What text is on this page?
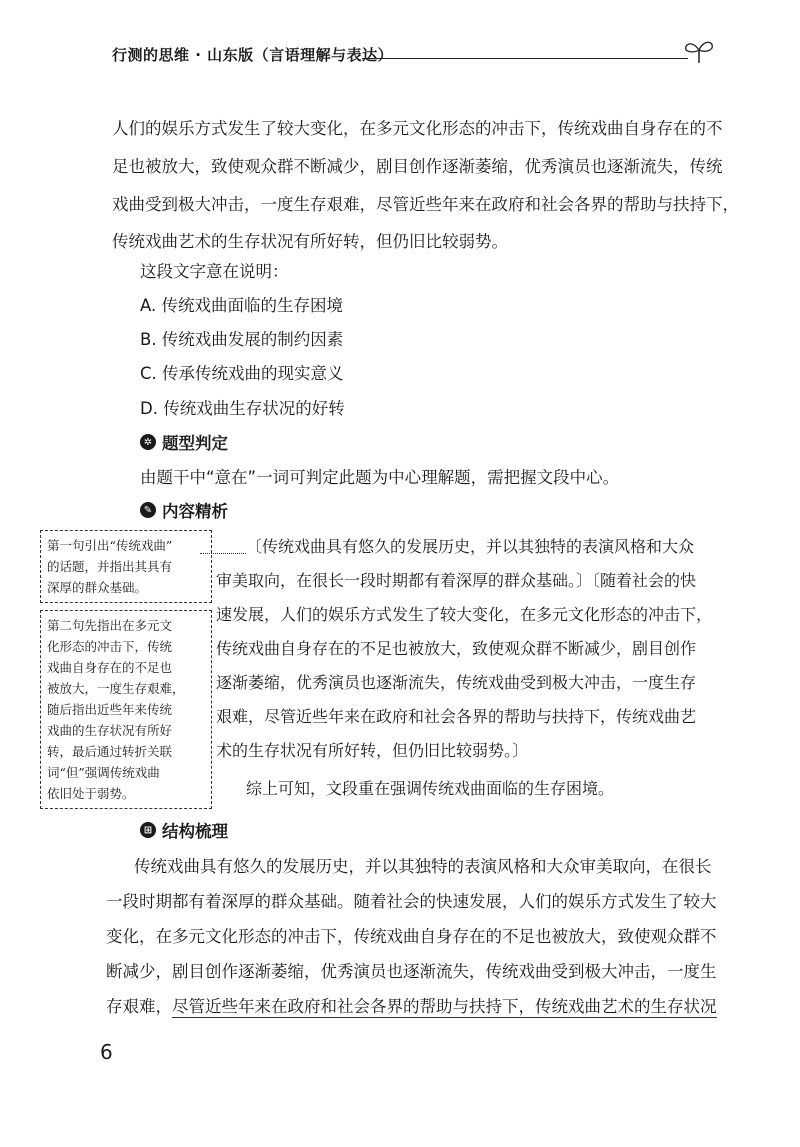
行测的思维 · 山东版（言语理解与表达）
人们的娱乐方式发生了较大变化，在多元文化形态的冲击下，传统戏曲自身存在的不
足也被放大，致使观众群不断减少，剧目创作逐渐萎缩，优秀演员也逐渐流失，传统
戏曲受到极大冲击，一度生存艰难，尽管近些年来在政府和社会各界的帮助与扶持下，
传统戏曲艺术的生存状况有所好转，但仍旧比较弱势。
这段文字意在说明：
A. 传统戏曲面临的生存困境
B. 传统戏曲发展的制约因素
C. 传承传统戏曲的现实意义
D. 传统戏曲生存状况的好转
✲ 题型判定
由题干中“意在”一词可判定此题为中心理解题，需把握文段中心。
✎ 内容精析
第一句引出“传统戏曲”
的话题，并指出其具有
深厚的群众基础。
第二句先指出在多元文
化形态的冲击下，传统
戏曲自身存在的不足也
被放大，一度生存艰难，
随后指出近些年来传统
戏曲的生存状况有所好
转，最后通过转折关联
词“但”强调传统戏曲
依旧处于弱势。
〔传统戏曲具有悠久的发展历史，并以其独特的表演风格和大众
审美取向，在很长一段时期都有着深厚的群众基础。〕〔随着社会的快
速发展，人们的娱乐方式发生了较大变化，在多元文化形态的冲击下，
传统戏曲自身存在的不足也被放大，致使观众群不断减少，剧目创作
逐渐萎缩，优秀演员也逐渐流失，传统戏曲受到极大冲击，一度生存
艰难，尽管近些年来在政府和社会各界的帮助与扶持下，传统戏曲艺
术的生存状况有所好转，但仍旧比较弱势。〕
综上可知，文段重在强调传统戏曲面临的生存困境。
⊞ 结构梳理
传统戏曲具有悠久的发展历史，并以其独特的表演风格和大众审美取向，在很长
一段时期都有着深厚的群众基础。随着社会的快速发展，人们的娱乐方式发生了较大
变化，在多元文化形态的冲击下，传统戏曲自身存在的不足也被放大，致使观众群不
断减少，剧目创作逐渐萎缩，优秀演员也逐渐流失，传统戏曲受到极大冲击，一度生
存艰难，尽管近些年来在政府和社会各界的帮助与扶持下，传统戏曲艺术的生存状况
6
